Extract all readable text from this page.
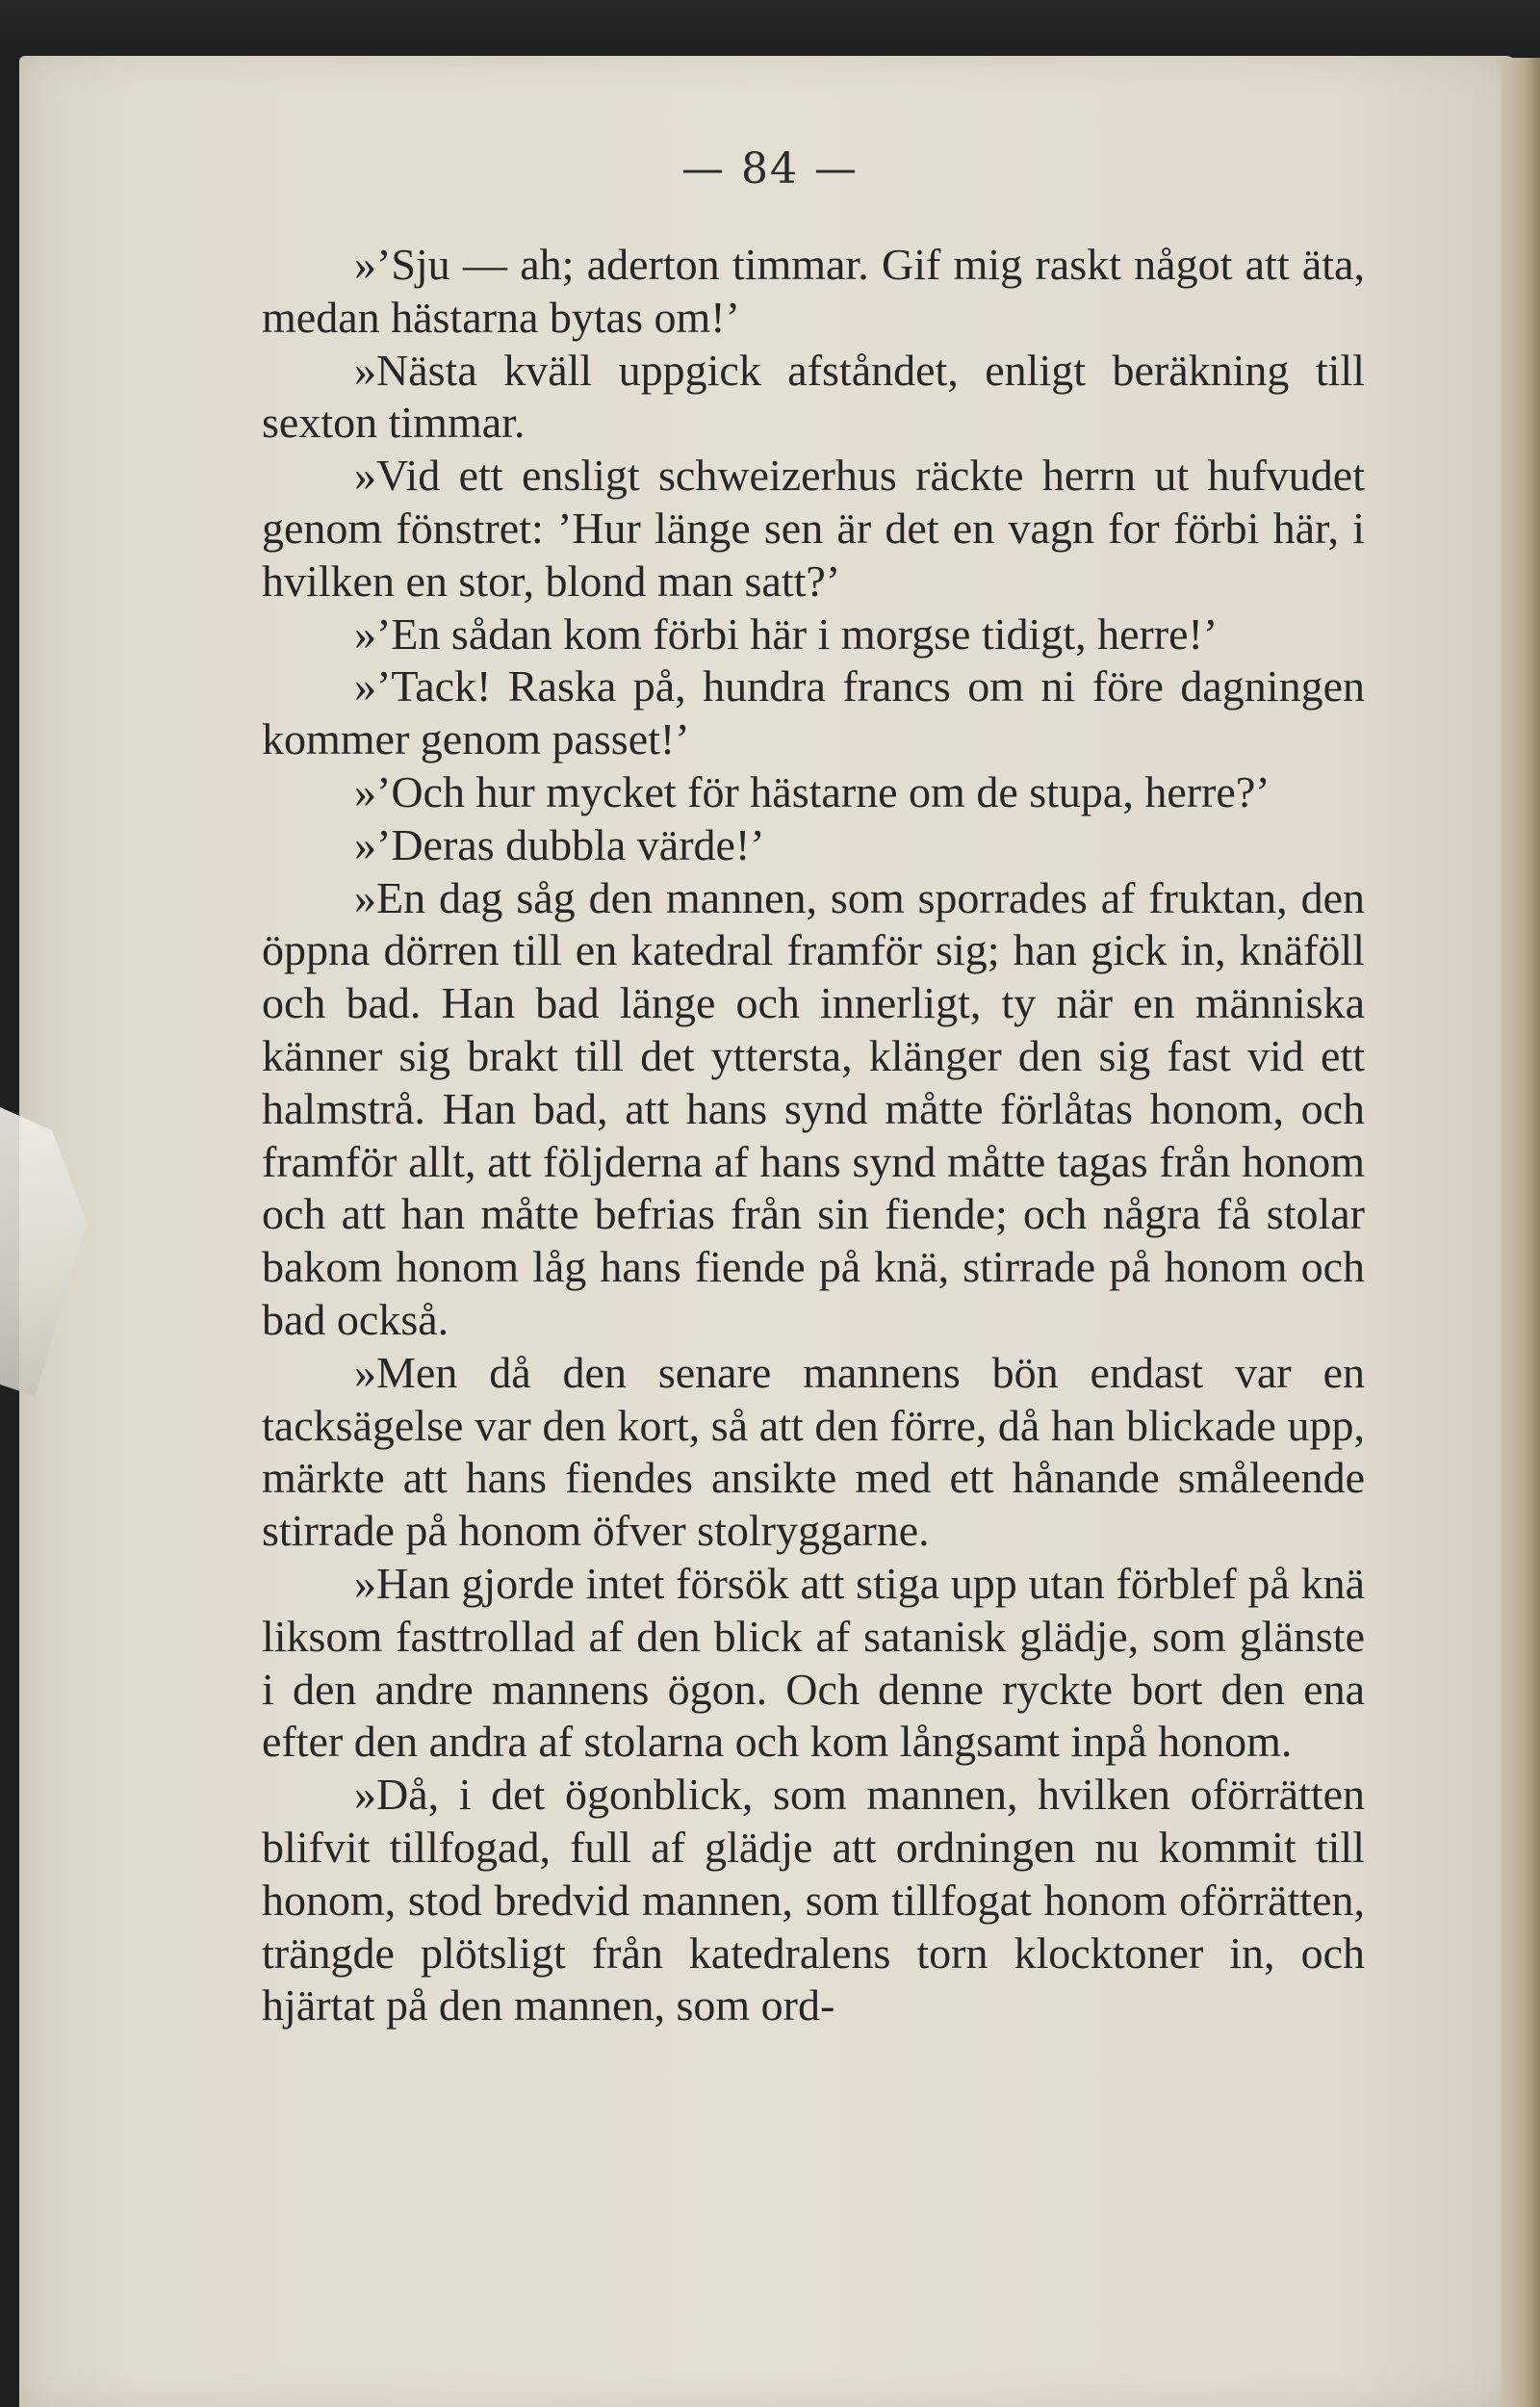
— 84 —

»’Sju — ah; aderton timmar. Gif mig raskt något att äta, medan hästarna bytas om!’

»Nästa kväll uppgick afståndet, enligt beräkning till sexton timmar.

»Vid ett ensligt schweizerhus räckte herrn ut hufvudet genom fönstret: ’Hur länge sen är det en vagn for förbi här, i hvilken en stor, blond man satt?’

»’En sådan kom förbi här i morgse tidigt, herre!’

»’Tack! Raska på, hundra francs om ni före dagningen kommer genom passet!’

»’Och hur mycket för hästarne om de stupa, herre?’

»’Deras dubbla värde!’

»En dag såg den mannen, som sporrades af fruktan, den öppna dörren till en katedral framför sig; han gick in, knäföll och bad. Han bad länge och innerligt, ty när en människa känner sig brakt till det yttersta, klänger den sig fast vid ett halmstrå. Han bad, att hans synd måtte förlåtas honom, och framför allt, att följderna af hans synd måtte tagas från honom och att han måtte befrias från sin fiende; och några få stolar bakom honom låg hans fiende på knä, stirrade på honom och bad också.

»Men då den senare mannens bön endast var en tacksägelse var den kort, så att den förre, då han blickade upp, märkte att hans fiendes ansikte med ett hånande småleende stirrade på honom öfver stolryggarne.

»Han gjorde intet försök att stiga upp utan förblef på knä liksom fasttrollad af den blick af satanisk glädje, som glänste i den andre mannens ögon. Och denne ryckte bort den ena efter den andra af stolarna och kom långsamt inpå honom.

»Då, i det ögonblick, som mannen, hvilken oförrätten blifvit tillfogad, full af glädje att ordningen nu kommit till honom, stod bredvid mannen, som tillfogat honom oförrätten, trängde plötsligt från katedralens torn klocktoner in, och hjärtat på den mannen, som ord-
